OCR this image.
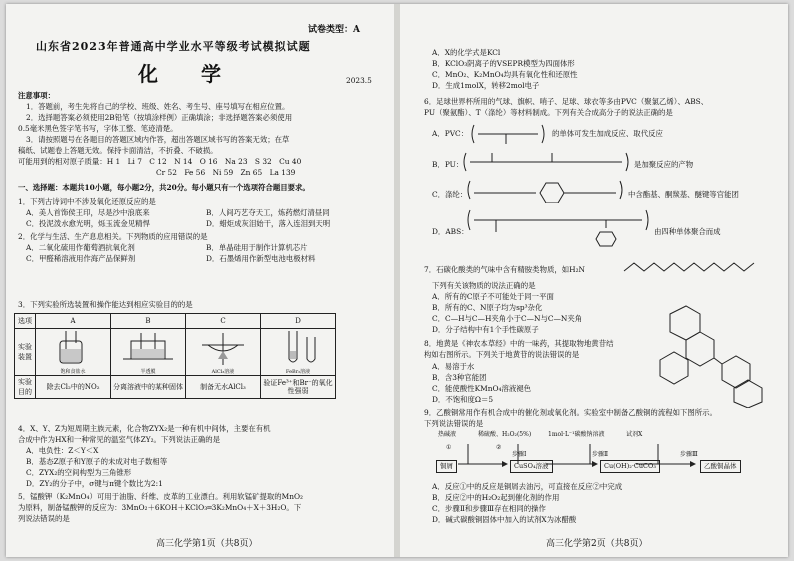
试卷类型：A
山东省2023年普通高中学业水平等级考试模拟试题
化 学	2023.5
注意事项：
1．答题前，考生先将自己的学校、班级、姓名、考生号、座号填写在相应位置。
2．选择题答案必须使用2B铅笔（按填涂样例）正确填涂；非选择题答案必须使用
0.5毫米黑色签字笔书写，字体工整、笔迹清楚。
3．请按照题号在各题目的答题区域内作答，超出答题区域书写的答案无效；在草
稿纸、试题卷上答题无效。保持卡面清洁，不折叠、不破损。
可能用到的相对原子质量：H 1　Li 7　C 12　N 14　O 16　Na 23　S 32　Cu 40
Cr 52　Fe 56　Ni 59　Zn 65　La 139
一、选择题：本题共10小题，每小题2分，共20分。每小题只有一个选项符合题目要求。
1．下列古诗词中不涉及氧化还原反应的是
A．美人首饰侯王印，尽是沙中浪底来	B．人间巧艺夺天工，炼药燃灯清昼同
C．投泥泼水愈光明，烁玉流金见精悍	D．蜡炬成灰泪始干，落入连泪到天明
2．化学与生活、生产息息相关。下列物质的应用错误的是
A．二氧化硫用作葡萄酒抗氧化剂	B．单晶硅用于制作计算机芯片
C．甲醛稀溶液用作海产品保鲜剂	D．石墨烯用作新型电池电极材料
3．下列实验所选装置和操作能达到相应实验目的的是
选项	A	B	C	D
实验
装置	饱和食盐水	半透膜	AlCl₃溶液	FeBr₂溶液

实验
目的	除去Cl₂中的NO₂	分离溶液中的某种固体	制备无水AlCl₃	验证Fe³⁺和Br⁻的氧化性强弱
4．X、Y、Z为短周期主族元素，化合物ZYX₂是一种有机中间体，主要在有机
合成中作为HX和一种常见的温室气体ZY₂。下列说法正确的是
A．电负性：Z＜Y＜X
B．基态Z原子和Y原子的未成对电子数相等
C．ZYX₂的空间构型为三角锥形
D．ZY₂的分子中，σ键与π键个数比为2:1
5．锰酸钾（K₂MnO₄）可用于油脂、纤维、皮革的工业漂白。利用软锰矿提取的MnO₂
为原料，制备锰酸钾的反应为：3MnO₂＋6KOH＋KClO₃═3K₂MnO₄＋X＋3H₂O。下
列说法错误的是
高三化学第1页（共8页）
A．X的化学式是KCl
B．KClO₃阴离子的VSEPR模型为四面体形
C．MnO₂、K₂MnO₄均具有氧化性和还原性
D．生成1molX，转移2mol电子
6．足球世界杯所用的气球、旗帜、哨子、足球、球衣等多由PVC（聚氯乙烯）、ABS、
PU（聚氨酯）、T（涤纶）等材料制成。下列有关合成高分子的说法正确的是
A．PVC：	的单体可发生加成反应、取代反应
B．PU：	是加聚反应的产物
C．涤纶：	中含酯基、酮羰基、醚键等官能团
D．ABS：	由四种单体聚合而成
7．石碳化酸类的气味中含有精胺类物质，如H₂N
下列有关该物质的说法正确的是
A．所有的C原子不可能处于同一平面
B．所有的C、N原子均为sp³杂化
C．C—H与C—H夹角小于C—N与C—N夹角
D．分子结构中有1个手性碳原子
8．地黄是《神农本草经》中的一味药，其提取物地黄苷结
构如右图所示。下列关于地黄苷的说法错误的是
A．易溶于水
B．含3种官能团
C．能使酸性KMnO₄溶液褪色
D．不饱和度Ω＝5
9．乙酸铜常用作有机合成中的催化剂或氧化剂。实验室中制备乙酸铜的流程如下图所示。
下列说法错误的是
热碱液	稀硫酸、H₂O₂(5%)	1mol·L⁻¹碳酸钠溶液	试剂X
①	②
步骤Ⅰ	步骤Ⅱ	步骤Ⅲ
铜屑	CuSO₄溶液	Cu(OH)₂·CuCO₃	乙酸铜晶体
A．反应①中的反应是铜屑去油污，可直接在反应②中完成
B．反应②中的H₂O₂起到催化剂的作用
C．步骤Ⅱ和步骤Ⅲ存在相同的操作
D．碱式碳酸铜固体中加入的试剂X为冰醋酸
高三化学第2页（共8页）
